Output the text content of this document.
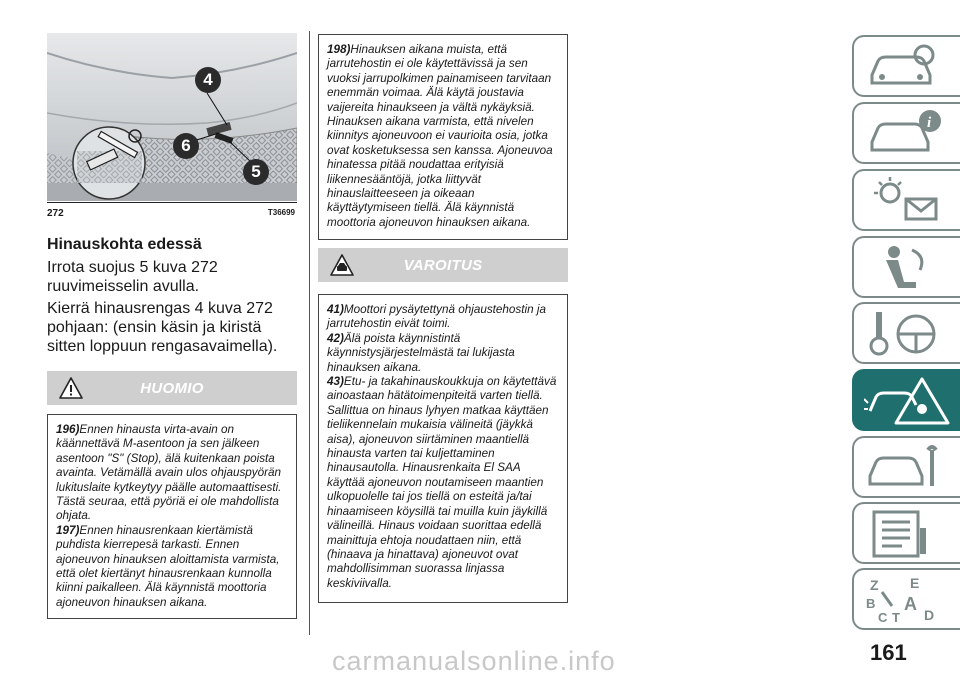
4
6
5
272	T36699
Hinauskohta edessä
Irrota suojus 5 kuva 272 ruuvimeisselin avulla.
Kierrä hinausrengas 4 kuva 272 pohjaan: (ensin käsin ja kiristä sitten loppuun rengasavaimella).
HUOMIO

196)Ennen hinausta virta-avain on käännettävä M-asentoon ja sen jälkeen asentoon "S" (Stop), älä kuitenkaan poista avainta. Vetämällä avain ulos ohjauspyörän lukituslaite kytkeytyy päälle automaattisesti. Tästä seuraa, että pyöriä ei ole mahdollista ohjata.

197)Ennen hinausrenkaan kiertämistä puhdista kierrepesä tarkasti. Ennen ajoneuvon hinauksen aloittamista varmista, että olet kiertänyt hinausrenkaan kunnolla kiinni paikalleen. Älä käynnistä moottoria ajoneuvon hinauksen aikana.

198)Hinauksen aikana muista, että jarrutehostin ei ole käytettävissä ja sen vuoksi jarrupolkimen painamiseen tarvitaan enemmän voimaa. Älä käytä joustavia vaijereita hinaukseen ja vältä nykäyksiä. Hinauksen aikana varmista, että nivelen kiinnitys ajoneuvoon ei vaurioita osia, jotka ovat kosketuksessa sen kanssa. Ajoneuvoa hinatessa pitää noudattaa erityisiä liikennesääntöjä, jotka liittyvät hinauslaitteeseen ja oikeaan käyttäytymiseen tiellä. Älä käynnistä moottoria ajoneuvon hinauksen aikana.

VAROITUS

41)Moottori pysäytettynä ohjaustehostin ja jarrutehostin eivät toimi.

42)Älä poista käynnistintä käynnistysjärjestelmästä tai lukijasta hinauksen aikana.

43)Etu- ja takahinauskoukkuja on käytettävä ainoastaan hätätoimenpiteitä varten tiellä. Sallittua on hinaus lyhyen matkaa käyttäen tieliikennelain mukaisia välineitä (jäykkä aisa), ajoneuvon siirtäminen maantiellä hinausta varten tai kuljettaminen hinausautolla. Hinausrenkaita El SAA käyttää ajoneuvon noutamiseen maantien ulkopuolelle tai jos tiellä on esteitä ja/tai hinaamiseen köysillä tai muilla kuin jäykillä välineillä. Hinaus voidaan suorittaa edellä mainittuja ehtoja noudattaen niin, että (hinaava ja hinattava) ajoneuvot ovat mahdollisimman suorassa linjassa keskiviivalla.

i
Z E
B A
C T D
161
carmanualsonline.info
